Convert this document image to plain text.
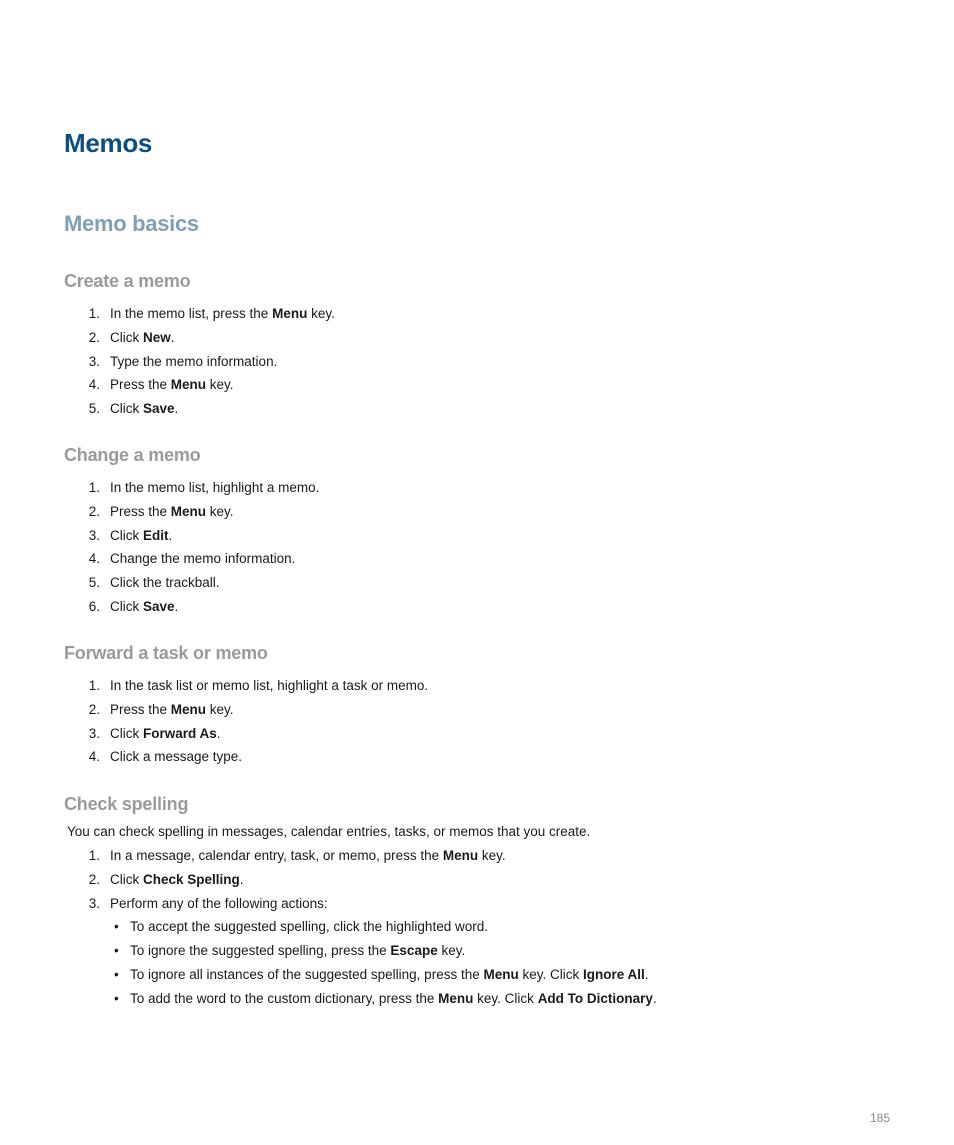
Memos
Memo basics
Create a memo
1. In the memo list, press the Menu key.
2. Click New.
3. Type the memo information.
4. Press the Menu key.
5. Click Save.
Change a memo
1. In the memo list, highlight a memo.
2. Press the Menu key.
3. Click Edit.
4. Change the memo information.
5. Click the trackball.
6. Click Save.
Forward a task or memo
1. In the task list or memo list, highlight a task or memo.
2. Press the Menu key.
3. Click Forward As.
4. Click a message type.
Check spelling

You can check spelling in messages, calendar entries, tasks, or memos that you create.

1. In a message, calendar entry, task, or memo, press the Menu key.
2. Click Check Spelling.
3. Perform any of the following actions:
• To accept the suggested spelling, click the highlighted word.
• To ignore the suggested spelling, press the Escape key.
• To ignore all instances of the suggested spelling, press the Menu key. Click Ignore All.
• To add the word to the custom dictionary, press the Menu key. Click Add To Dictionary.
185
